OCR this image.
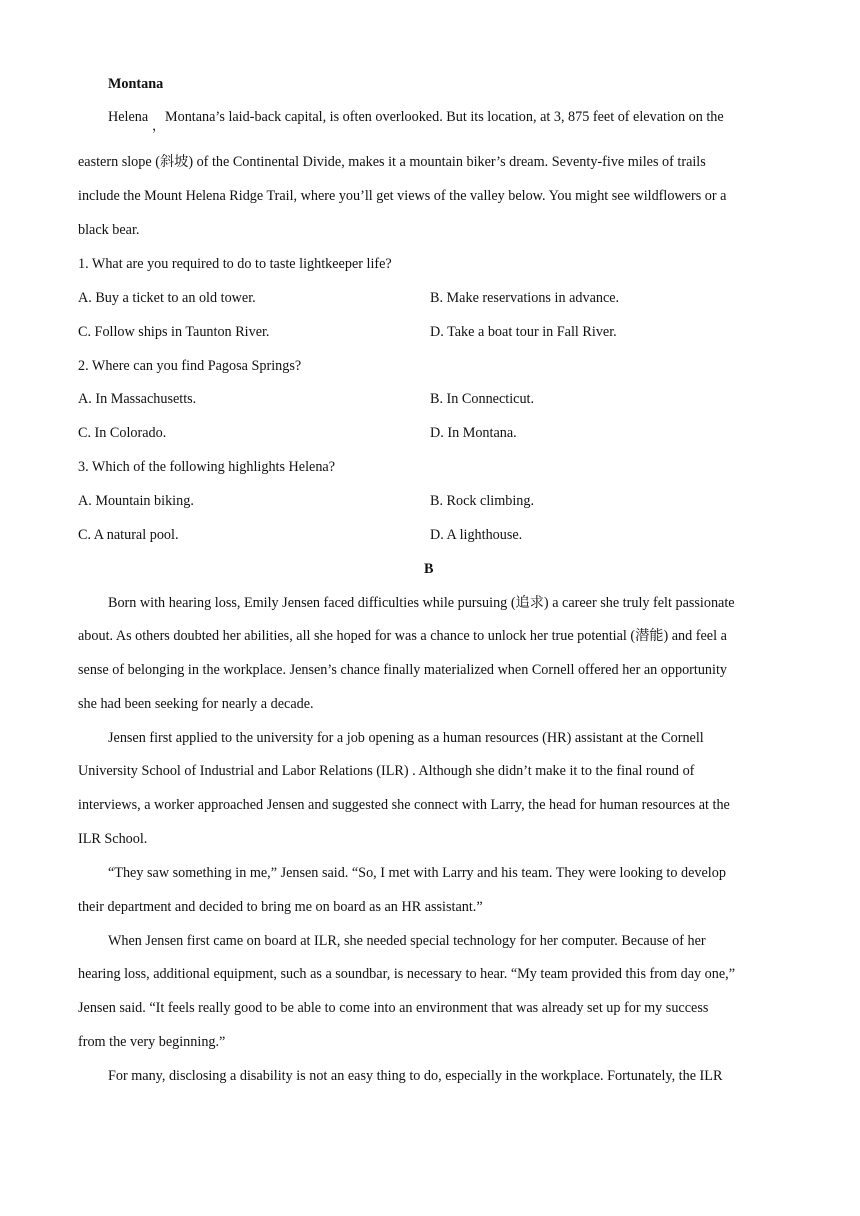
Montana
Helena
，
Montana’s laid-back capital, is often overlooked. But its location, at 3, 875 feet of elevation on the
eastern slope (斜坡) of the Continental Divide, makes it a mountain biker’s dream. Seventy-five miles of trails
include the Mount Helena Ridge Trail, where you’ll get views of the valley below. You might see wildflowers or a
black bear.
1. What are you required to do to taste lightkeeper life?
A. Buy a ticket to an old tower.	B. Make reservations in advance.
C. Follow ships in Taunton River.	D. Take a boat tour in Fall River.
2. Where can you find Pagosa Springs?
A. In Massachusetts.	B. In Connecticut.
C. In Colorado.	D. In Montana.
3. Which of the following highlights Helena?
A. Mountain biking.	B. Rock climbing.
C. A natural pool.	D. A lighthouse.
B
Born with hearing loss, Emily Jensen faced difficulties while pursuing (追求) a career she truly felt passionate
about. As others doubted her abilities, all she hoped for was a chance to unlock her true potential (潜能) and feel a
sense of belonging in the workplace. Jensen’s chance finally materialized when Cornell offered her an opportunity
she had been seeking for nearly a decade.
Jensen first applied to the university for a job opening as a human resources (HR) assistant at the Cornell
University School of Industrial and Labor Relations (ILR) . Although she didn’t make it to the final round of
interviews, a worker approached Jensen and suggested she connect with Larry, the head for human resources at the
ILR School.
“They saw something in me,” Jensen said. “So, I met with Larry and his team. They were looking to develop
their department and decided to bring me on board as an HR assistant.”
When Jensen first came on board at ILR, she needed special technology for her computer. Because of her
hearing loss, additional equipment, such as a soundbar, is necessary to hear. “My team provided this from day one,”
Jensen said. “It feels really good to be able to come into an environment that was already set up for my success
from the very beginning.”
For many, disclosing a disability is not an easy thing to do, especially in the workplace. Fortunately, the ILR
